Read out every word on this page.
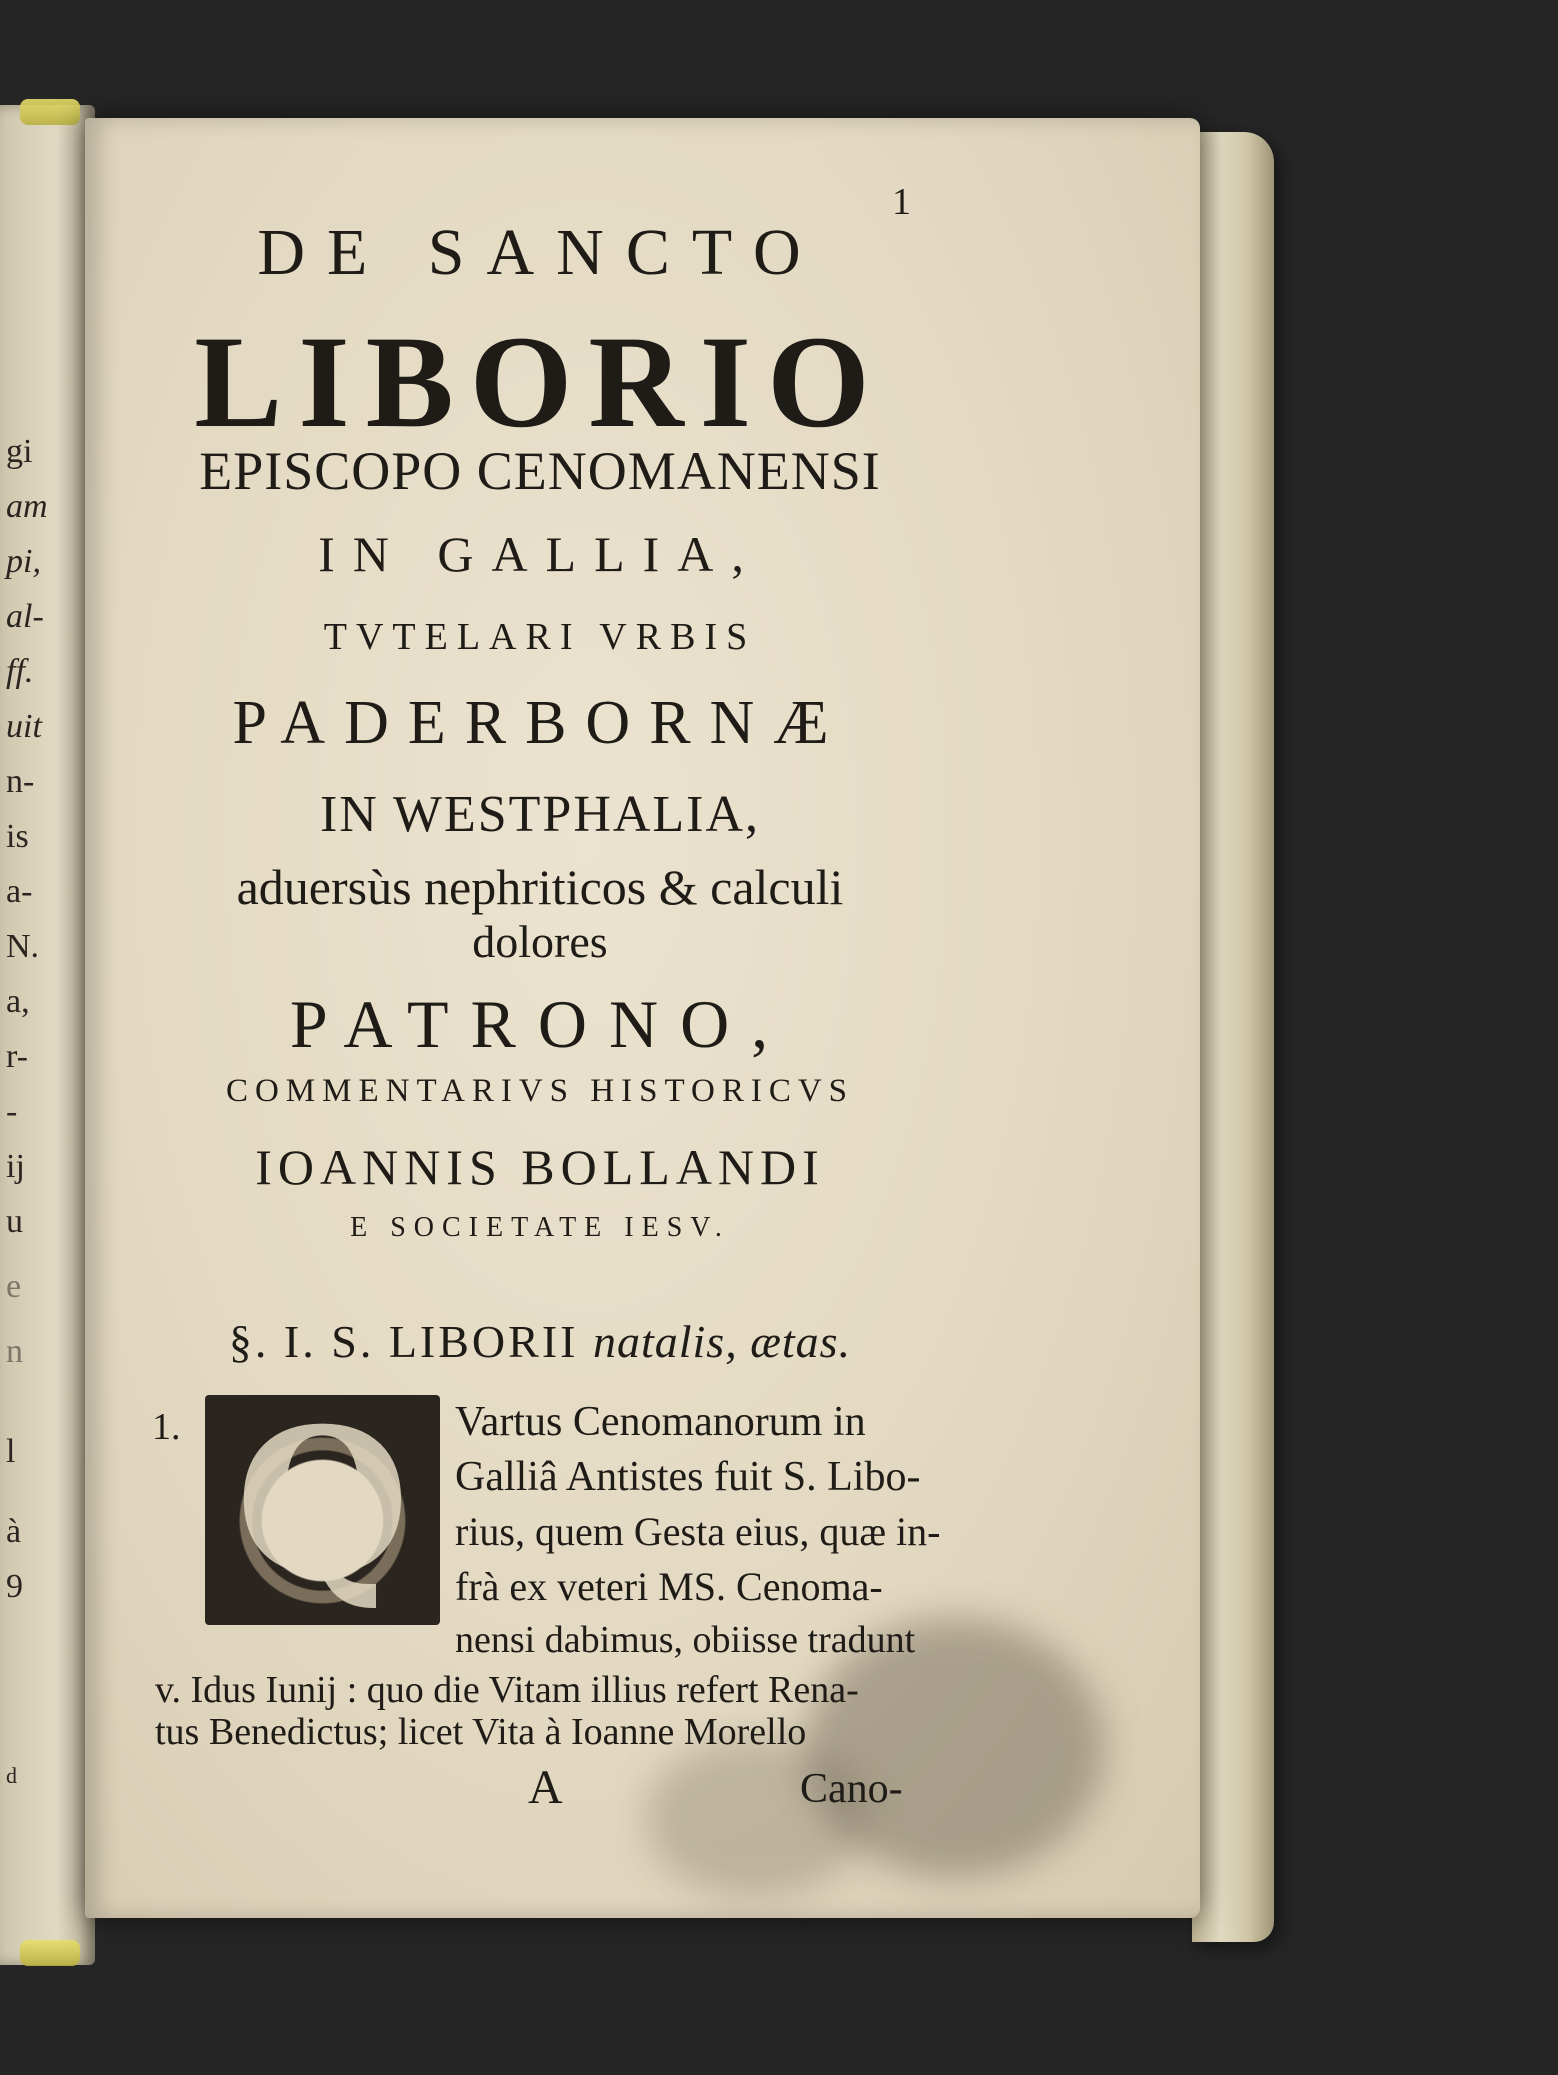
gi
am
pi,
al-
ff.
uit
n-
is
a-
N.
a,
r-
-
ij
u
e
n
l
à
9
d
1
DE SANCTO
LIBORIO
EPISCOPO CENOMANENSI
IN GALLIA,
TVTELARI VRBIS
PADERBORNÆ
IN WESTPHALIA,
aduersùs nephriticos & calculi
dolores
PATRONO,
COMMENTARIVS HISTORICVS
IOANNIS BOLLANDI
E SOCIETATE IESV.
§. I. S. LIBORII natalis, ætas.
1. Q	Vartus Cenomanorum in
Galliâ Antistes fuit S. Libo-
rius, quem Gesta eius, quæ in-
frà ex veteri MS. Cenoma-
nensi dabimus, obiisse tradunt
v. Idus Iunij : quo die Vitam illius refert Rena-
tus Benedictus; licet Vita à Ioanne Morello
A	Cano-
